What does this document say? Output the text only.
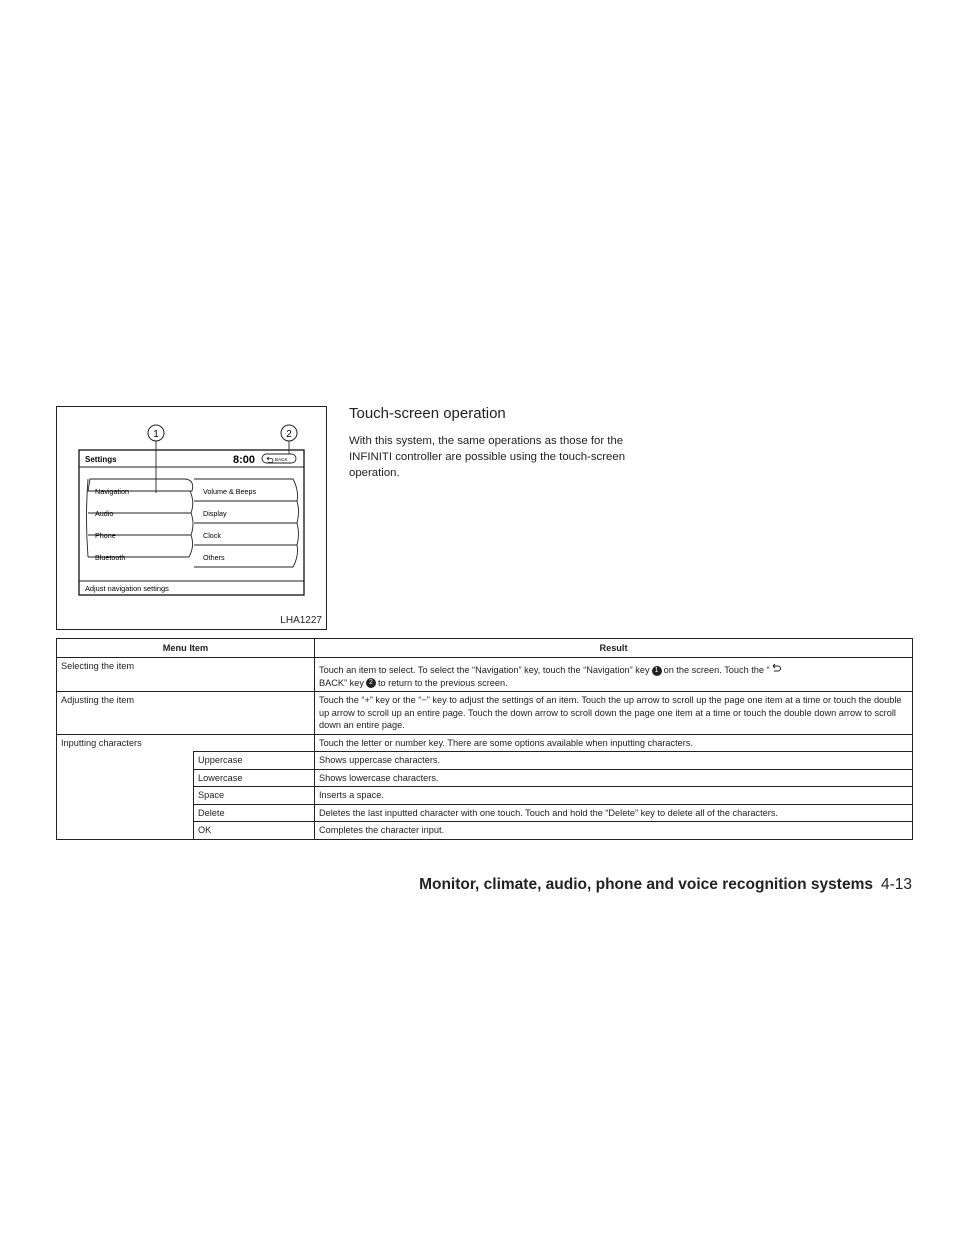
Settings	8:00	BACK
Navigation
Audio
Phone
Bluetooth
Volume & Beeps
Display
Clock
Others
Adjust navigation settings
1	2
LHA1227
Touch-screen operation

With this system, the same operations as those for the INFINITI controller are possible using the touch-screen operation.

Menu Item		Result
Selecting the item		Touch an item to select. To select the “Navigation” key, touch the “Navigation” key 1 on the screen. Touch the “
BACK” key 2 to return to the previous screen.
Adjusting the item		Touch the “+” key or the “−” key to adjust the settings of an item. Touch the up arrow to scroll up the page one item at a time or touch the double up arrow to scroll up an entire page. Touch the down arrow to scroll down the page one item at a time or touch the double down arrow to scroll down an entire page.
Inputting characters		Touch the letter or number key. There are some options available when inputting characters.
	Uppercase	Shows uppercase characters.
	Lowercase	Shows lowercase characters.
	Space	Inserts a space.
	Delete	Deletes the last inputted character with one touch. Touch and hold the “Delete” key to delete all of the characters.
	OK	Completes the character input.
Monitor, climate, audio, phone and voice recognition systems 4-13
